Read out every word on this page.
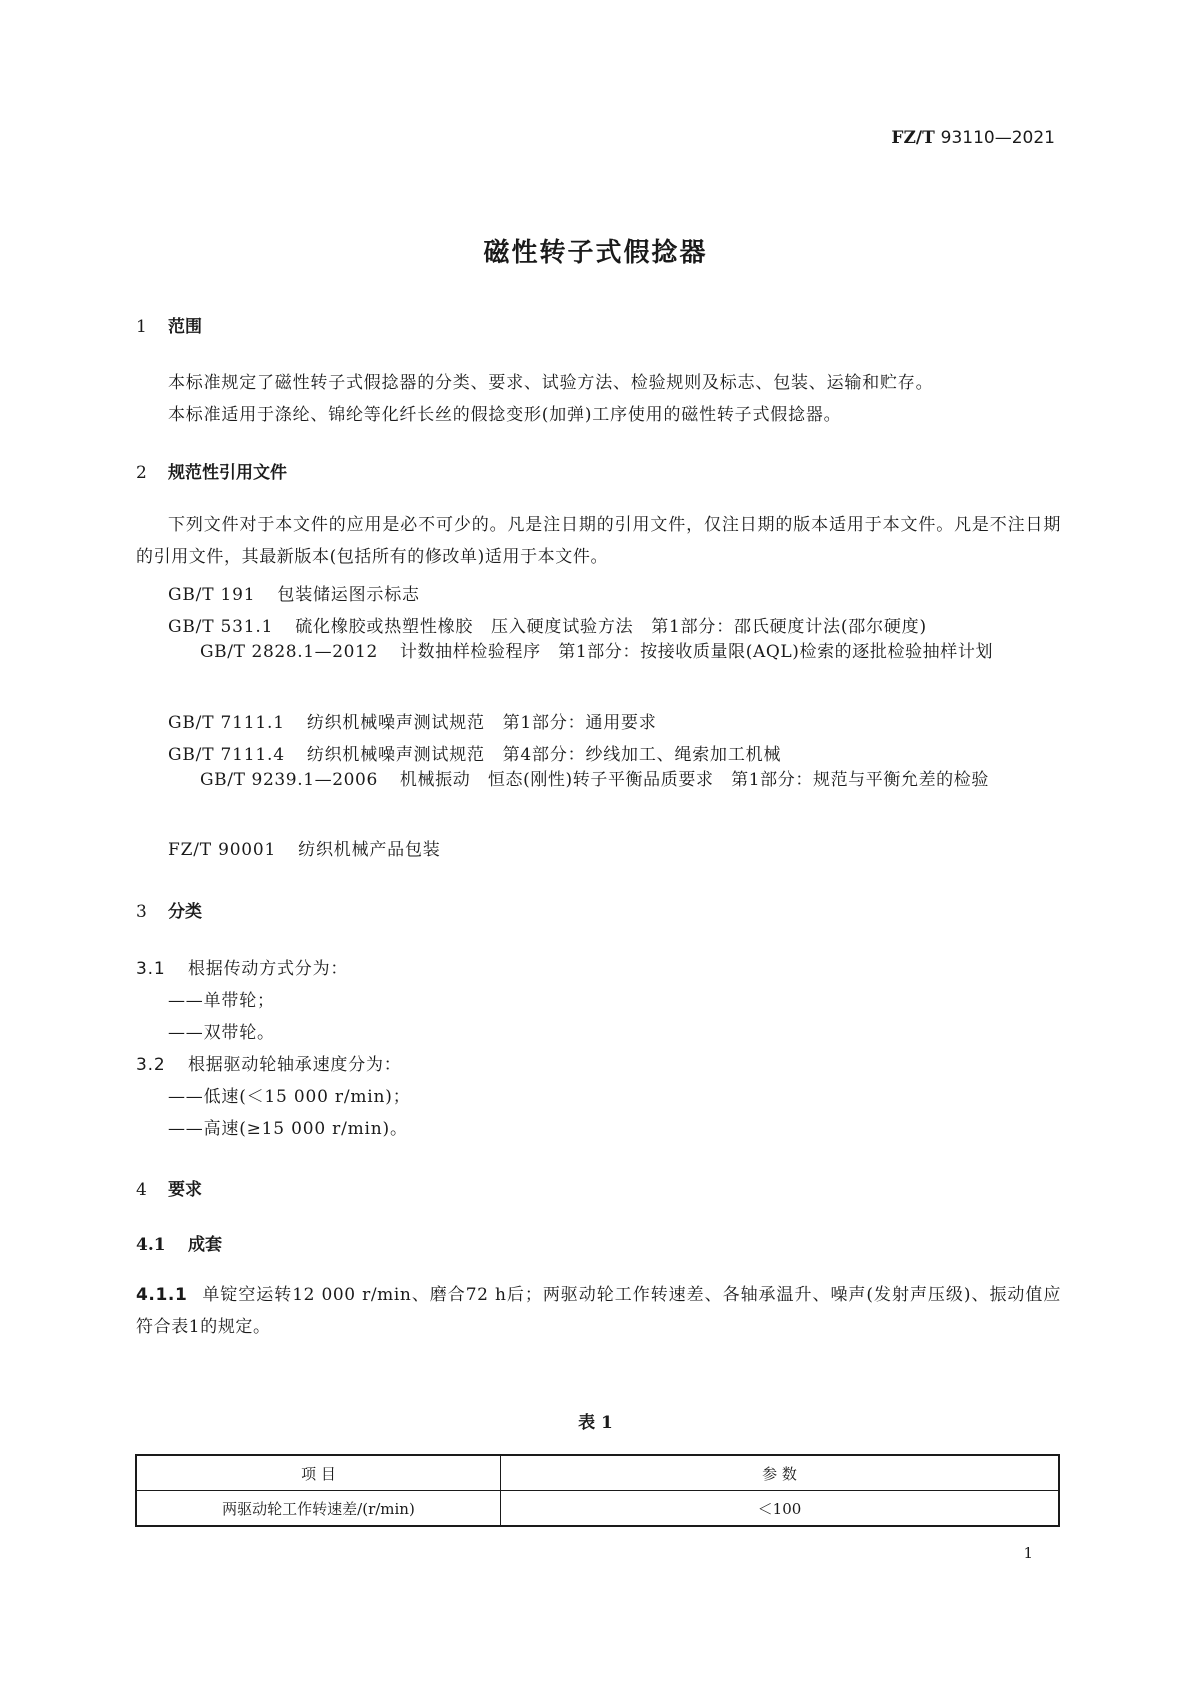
FZ/T 93110—2021
磁性转子式假捻器
1 范围
本标准规定了磁性转子式假捻器的分类、要求、试验方法、检验规则及标志、包装、运输和贮存。
本标准适用于涤纶、锦纶等化纤长丝的假捻变形(加弹)工序使用的磁性转子式假捻器。
2 规范性引用文件
下列文件对于本文件的应用是必不可少的。凡是注日期的引用文件，仅注日期的版本适用于本文件。凡是不注日期的引用文件，其最新版本(包括所有的修改单)适用于本文件。
GB/T 191 包装储运图示标志
GB/T 531.1 硫化橡胶或热塑性橡胶　压入硬度试验方法　第1部分：邵氏硬度计法(邵尔硬度)
GB/T 2828.1—2012 计数抽样检验程序　第1部分：按接收质量限(AQL)检索的逐批检验抽样计划
GB/T 7111.1 纺织机械噪声测试规范　第1部分：通用要求
GB/T 7111.4 纺织机械噪声测试规范　第4部分：纱线加工、绳索加工机械
GB/T 9239.1—2006 机械振动　恒态(刚性)转子平衡品质要求　第1部分：规范与平衡允差的检验
FZ/T 90001 纺织机械产品包装
3 分类
3.1 根据传动方式分为：
——单带轮；
——双带轮。
3.2 根据驱动轮轴承速度分为：
——低速(＜15 000 r/min)；
——高速(≥15 000 r/min)。
4 要求
4.1 成套
4.1.1 单锭空运转12 000 r/min、磨合72 h后；两驱动轮工作转速差、各轴承温升、噪声(发射声压级)、振动值应符合表1的规定。
表 1
项 目	参 数
两驱动轮工作转速差/(r/min)	＜100
1
